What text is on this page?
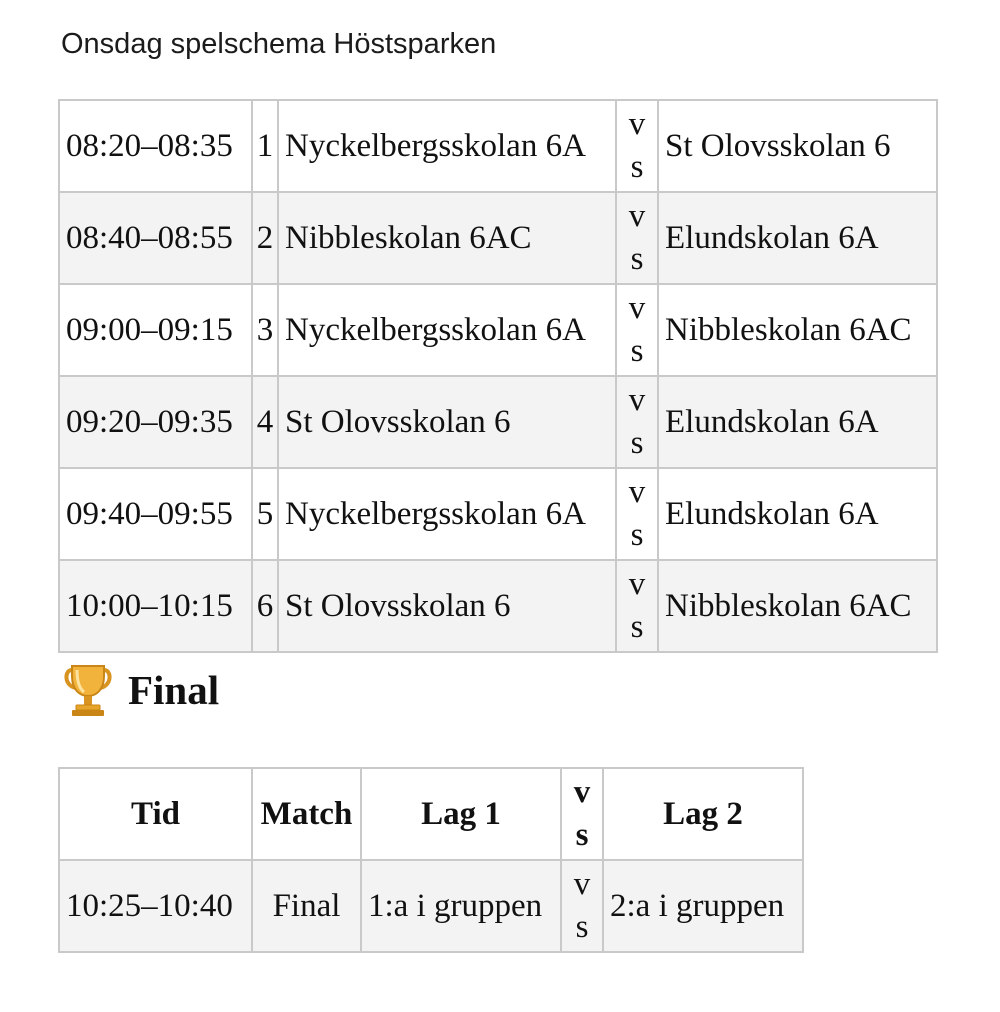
Onsdag spelschema Höstsparken
08:20–08:35	1	Nyckelbergsskolan 6A	vs	St Olovsskolan 6
08:40–08:55	2	Nibbleskolan 6AC	vs	Elundskolan 6A
09:00–09:15	3	Nyckelbergsskolan 6A	vs	Nibbleskolan 6AC
09:20–09:35	4	St Olovsskolan 6	vs	Elundskolan 6A
09:40–09:55	5	Nyckelbergsskolan 6A	vs	Elundskolan 6A
10:00–10:15	6	St Olovsskolan 6	vs	Nibbleskolan 6AC
Final
Tid	Match	Lag 1	vs	Lag 2
10:25–10:40	Final	1:a i gruppen	vs	2:a i gruppen
